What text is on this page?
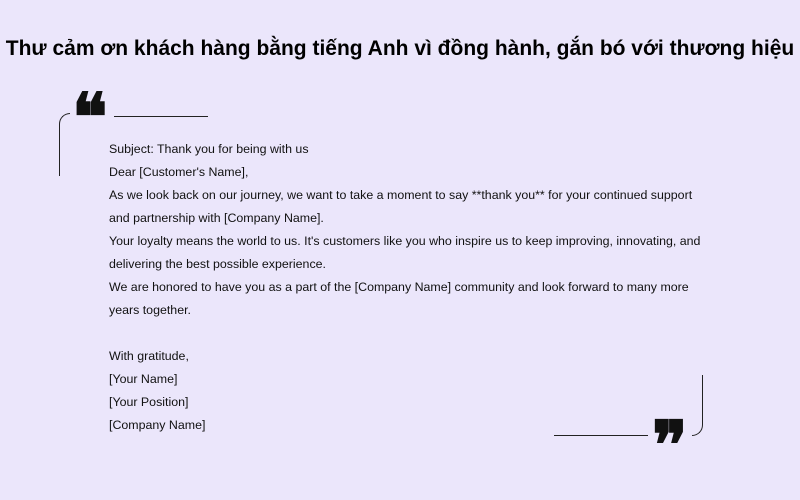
Thư cảm ơn khách hàng bằng tiếng Anh vì đồng hành, gắn bó với thương hiệu
❝ Subject: Thank you for being with us
Dear [Customer's Name],
As we look back on our journey, we want to take a moment to say **thank you** for your continued support
and partnership with [Company Name].
Your loyalty means the world to us. It's customers like you who inspire us to keep improving, innovating, and
delivering the best possible experience.
We are honored to have you as a part of the [Company Name] community and look forward to many more
years together.
With gratitude,
[Your Name]
[Your Position]
[Company Name]	❞
